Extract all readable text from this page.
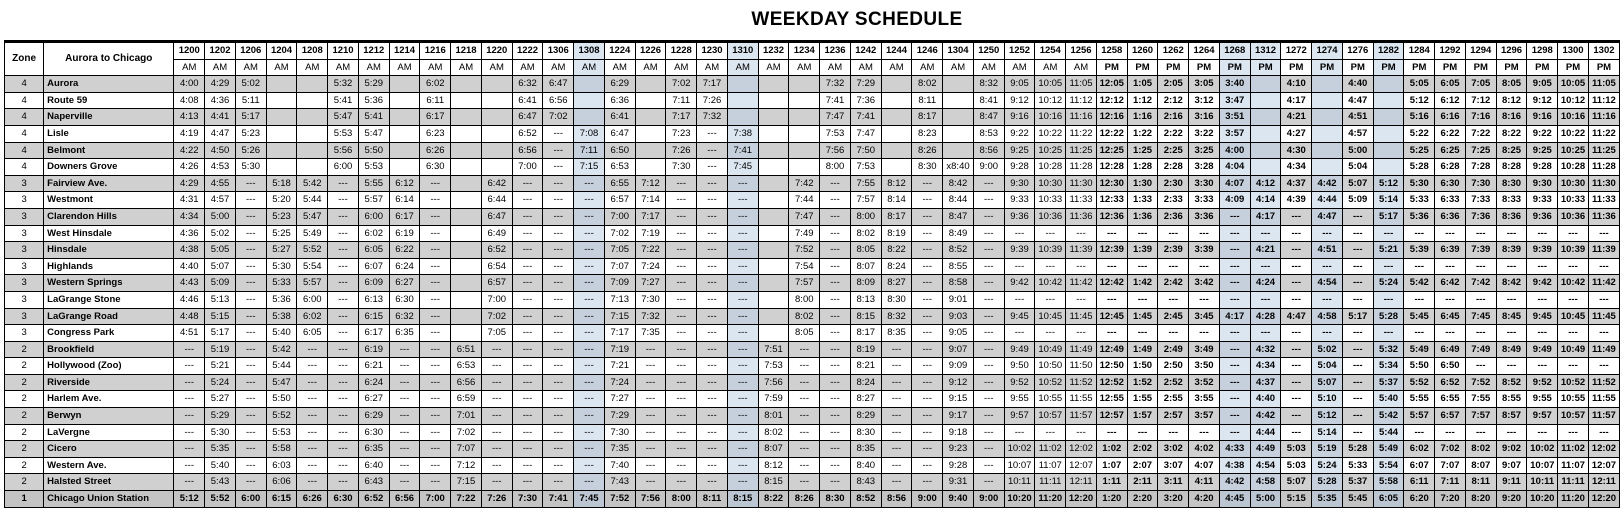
WEEKDAY SCHEDULE
Zone	Aurora to Chicago	1200	1202	1206	1204	1208	1210	1212	1214	1216	1218	1220	1222	1306	1308	1224	1226	1228	1230	1310	1232	1234	1236	1242	1244	1246	1304	1250	1252	1254	1256	1258	1260	1262	1264	1268	1312	1272	1274	1276	1282	1284	1292	1294	1296	1298	1300	1302
		AM	AM	AM	AM	AM	AM	AM	AM	AM	AM	AM	AM	AM	AM	AM	AM	AM	AM	AM	AM	AM	AM	AM	AM	AM	AM	AM	AM	AM	AM	PM	PM	PM	PM	PM	PM	PM	PM	PM	PM	PM	PM	PM	PM	PM	PM	PM
4	Aurora	4:00	4:29	5:02			5:32	5:29		6:02			6:32	6:47		6:29		7:02	7:17				7:32	7:29		8:02		8:32	9:05	10:05	11:05	12:05	1:05	2:05	3:05	3:40		4:10		4:40		5:05	6:05	7:05	8:05	9:05	10:05	11:05
4	Route 59	4:08	4:36	5:11			5:41	5:36		6:11			6:41	6:56		6:36		7:11	7:26				7:41	7:36		8:11		8:41	9:12	10:12	11:12	12:12	1:12	2:12	3:12	3:47		4:17		4:47		5:12	6:12	7:12	8:12	9:12	10:12	11:12
4	Naperville	4:13	4:41	5:17			5:47	5:41		6:17			6:47	7:02		6:41		7:17	7:32				7:47	7:41		8:17		8:47	9:16	10:16	11:16	12:16	1:16	2:16	3:16	3:51		4:21		4:51		5:16	6:16	7:16	8:16	9:16	10:16	11:16
4	Lisle	4:19	4:47	5:23			5:53	5:47		6:23			6:52	---	7:08	6:47		7:23	---	7:38			7:53	7:47		8:23		8:53	9:22	10:22	11:22	12:22	1:22	2:22	3:22	3:57		4:27		4:57		5:22	6:22	7:22	8:22	9:22	10:22	11:22
4	Belmont	4:22	4:50	5:26			5:56	5:50		6:26			6:56	---	7:11	6:50		7:26	---	7:41			7:56	7:50		8:26		8:56	9:25	10:25	11:25	12:25	1:25	2:25	3:25	4:00		4:30		5:00		5:25	6:25	7:25	8:25	9:25	10:25	11:25
4	Downers Grove	4:26	4:53	5:30			6:00	5:53		6:30			7:00	---	7:15	6:53		7:30	---	7:45			8:00	7:53		8:30	x8:40	9:00	9:28	10:28	11:28	12:28	1:28	2:28	3:28	4:04		4:34		5:04		5:28	6:28	7:28	8:28	9:28	10:28	11:28
3	Fairview Ave.	4:29	4:55	---	5:18	5:42	---	5:55	6:12	---		6:42	---	---	---	6:55	7:12	---	---	---		7:42	---	7:55	8:12	---	8:42	---	9:30	10:30	11:30	12:30	1:30	2:30	3:30	4:07	4:12	4:37	4:42	5:07	5:12	5:30	6:30	7:30	8:30	9:30	10:30	11:30
3	Westmont	4:31	4:57	---	5:20	5:44	---	5:57	6:14	---		6:44	---	---	---	6:57	7:14	---	---	---		7:44	---	7:57	8:14	---	8:44	---	9:33	10:33	11:33	12:33	1:33	2:33	3:33	4:09	4:14	4:39	4:44	5:09	5:14	5:33	6:33	7:33	8:33	9:33	10:33	11:33
3	Clarendon Hills	4:34	5:00	---	5:23	5:47	---	6:00	6:17	---		6:47	---	---	---	7:00	7:17	---	---	---		7:47	---	8:00	8:17	---	8:47	---	9:36	10:36	11:36	12:36	1:36	2:36	3:36	---	4:17	---	4:47	---	5:17	5:36	6:36	7:36	8:36	9:36	10:36	11:36
3	West Hinsdale	4:36	5:02	---	5:25	5:49	---	6:02	6:19	---		6:49	---	---	---	7:02	7:19	---	---	---		7:49	---	8:02	8:19	---	8:49	---	---	---	---	---	---	---	---	---	---	---	---	---	---	---	---	---	---	---	---	---
3	Hinsdale	4:38	5:05	---	5:27	5:52	---	6:05	6:22	---		6:52	---	---	---	7:05	7:22	---	---	---		7:52	---	8:05	8:22	---	8:52	---	9:39	10:39	11:39	12:39	1:39	2:39	3:39	---	4:21	---	4:51	---	5:21	5:39	6:39	7:39	8:39	9:39	10:39	11:39
3	Highlands	4:40	5:07	---	5:30	5:54	---	6:07	6:24	---		6:54	---	---	---	7:07	7:24	---	---	---		7:54	---	8:07	8:24	---	8:55	---	---	---	---	---	---	---	---	---	---	---	---	---	---	---	---	---	---	---	---	---
3	Western Springs	4:43	5:09	---	5:33	5:57	---	6:09	6:27	---		6:57	---	---	---	7:09	7:27	---	---	---		7:57	---	8:09	8:27	---	8:58	---	9:42	10:42	11:42	12:42	1:42	2:42	3:42	---	4:24	---	4:54	---	5:24	5:42	6:42	7:42	8:42	9:42	10:42	11:42
3	LaGrange Stone	4:46	5:13	---	5:36	6:00	---	6:13	6:30	---		7:00	---	---	---	7:13	7:30	---	---	---		8:00	---	8:13	8:30	---	9:01	---	---	---	---	---	---	---	---	---	---	---	---	---	---	---	---	---	---	---	---	---
3	LaGrange Road	4:48	5:15	---	5:38	6:02	---	6:15	6:32	---		7:02	---	---	---	7:15	7:32	---	---	---		8:02	---	8:15	8:32	---	9:03	---	9:45	10:45	11:45	12:45	1:45	2:45	3:45	4:17	4:28	4:47	4:58	5:17	5:28	5:45	6:45	7:45	8:45	9:45	10:45	11:45
3	Congress Park	4:51	5:17	---	5:40	6:05	---	6:17	6:35	---		7:05	---	---	---	7:17	7:35	---	---	---		8:05	---	8:17	8:35	---	9:05	---	---	---	---	---	---	---	---	---	---	---	---	---	---	---	---	---	---	---	---	---
2	Brookfield	---	5:19	---	5:42	---	---	6:19	---	---	6:51	---	---	---	---	7:19	---	---	---	---	7:51	---	---	8:19	---	---	9:07	---	9:49	10:49	11:49	12:49	1:49	2:49	3:49	---	4:32	---	5:02	---	5:32	5:49	6:49	7:49	8:49	9:49	10:49	11:49
2	Hollywood (Zoo)	---	5:21	---	5:44	---	---	6:21	---	---	6:53	---	---	---	---	7:21	---	---	---	---	7:53	---	---	8:21	---	---	9:09	---	9:50	10:50	11:50	12:50	1:50	2:50	3:50	---	4:34	---	5:04	---	5:34	5:50	6:50	---	---	---	---	---
2	Riverside	---	5:24	---	5:47	---	---	6:24	---	---	6:56	---	---	---	---	7:24	---	---	---	---	7:56	---	---	8:24	---	---	9:12	---	9:52	10:52	11:52	12:52	1:52	2:52	3:52	---	4:37	---	5:07	---	5:37	5:52	6:52	7:52	8:52	9:52	10:52	11:52
2	Harlem Ave.	---	5:27	---	5:50	---	---	6:27	---	---	6:59	---	---	---	---	7:27	---	---	---	---	7:59	---	---	8:27	---	---	9:15	---	9:55	10:55	11:55	12:55	1:55	2:55	3:55	---	4:40	---	5:10	---	5:40	5:55	6:55	7:55	8:55	9:55	10:55	11:55
2	Berwyn	---	5:29	---	5:52	---	---	6:29	---	---	7:01	---	---	---	---	7:29	---	---	---	---	8:01	---	---	8:29	---	---	9:17	---	9:57	10:57	11:57	12:57	1:57	2:57	3:57	---	4:42	---	5:12	---	5:42	5:57	6:57	7:57	8:57	9:57	10:57	11:57
2	LaVergne	---	5:30	---	5:53	---	---	6:30	---	---	7:02	---	---	---	---	7:30	---	---	---	---	8:02	---	---	8:30	---	---	9:18	---	---	---	---	---	---	---	---	---	4:44	---	5:14	---	5:44	---	---	---	---	---	---	---
2	Cicero	---	5:35	---	5:58	---	---	6:35	---	---	7:07	---	---	---	---	7:35	---	---	---	---	8:07	---	---	8:35	---	---	9:23	---	10:02	11:02	12:02	1:02	2:02	3:02	4:02	4:33	4:49	5:03	5:19	5:28	5:49	6:02	7:02	8:02	9:02	10:02	11:02	12:02
2	Western Ave.	---	5:40	---	6:03	---	---	6:40	---	---	7:12	---	---	---	---	7:40	---	---	---	---	8:12	---	---	8:40	---	---	9:28	---	10:07	11:07	12:07	1:07	2:07	3:07	4:07	4:38	4:54	5:03	5:24	5:33	5:54	6:07	7:07	8:07	9:07	10:07	11:07	12:07
2	Halsted Street	---	5:43	---	6:06	---	---	6:43	---	---	7:15	---	---	---	---	7:43	---	---	---	---	8:15	---	---	8:43	---	---	9:31	---	10:11	11:11	12:11	1:11	2:11	3:11	4:11	4:42	4:58	5:07	5:28	5:37	5:58	6:11	7:11	8:11	9:11	10:11	11:11	12:11
1	Chicago Union Station	5:12	5:52	6:00	6:15	6:26	6:30	6:52	6:56	7:00	7:22	7:26	7:30	7:41	7:45	7:52	7:56	8:00	8:11	8:15	8:22	8:26	8:30	8:52	8:56	9:00	9:40	9:00	10:20	11:20	12:20	1:20	2:20	3:20	4:20	4:45	5:00	5:15	5:35	5:45	6:05	6:20	7:20	8:20	9:20	10:20	11:20	12:20
